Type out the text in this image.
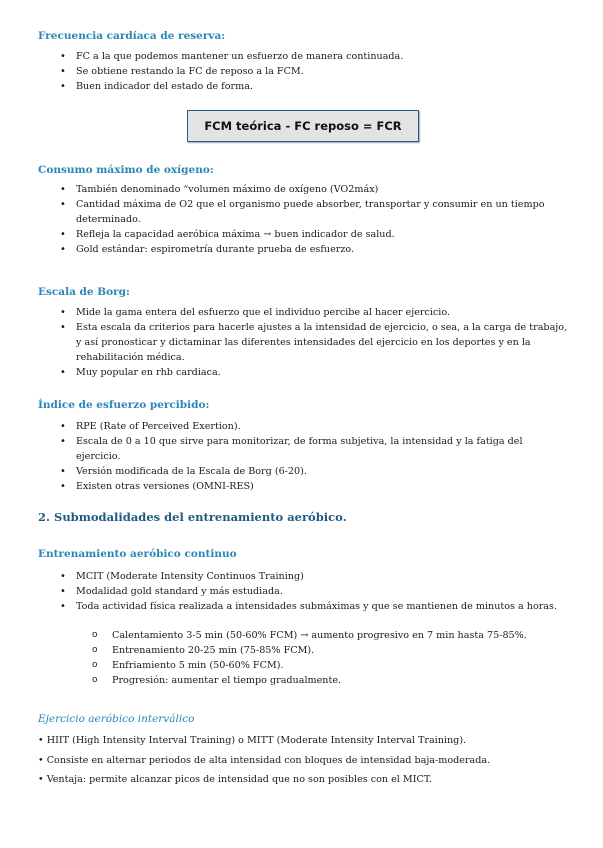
Frecuencia cardíaca de reserva:
• FC a la que podemos mantener un esfuerzo de manera continuada.
• Se obtiene restando la FC de reposo a la FCM.
• Buen indicador del estado de forma.
FCM teórica - FC reposo = FCR
Consumo máximo de oxígeno:
• También denominado “volumen máximo de oxígeno (VO2máx)
• Cantidad máxima de O2 que el organismo puede absorber, transportar y consumir en un tiempo determinado.
• Refleja la capacidad aeróbica máxima → buen indicador de salud.
• Gold estándar: espirometría durante prueba de esfuerzo.
Escala de Borg:
• Mide la gama entera del esfuerzo que el individuo percibe al hacer ejercicio.
• Esta escala da criterios para hacerle ajustes a la intensidad de ejercicio, o sea, a la carga de trabajo, y así pronosticar y dictaminar las diferentes intensidades del ejercicio en los deportes y en la rehabilitación médica.
• Muy popular en rhb cardiaca.
Índice de esfuerzo percibido:
• RPE (Rate of Perceived Exertion).
• Escala de 0 a 10 que sirve para monitorizar, de forma subjetiva, la intensidad y la fatiga del ejercicio.
• Versión modificada de la Escala de Borg (6-20).
• Existen otras versiones (OMNI-RES)
2. Submodalidades del entrenamiento aeróbico.
Entrenamiento aeróbico continuo
• MCIT (Moderate Intensity Continuos Training)
• Modalidad gold standard y más estudiada.
• Toda actividad física realizada a intensidades submáximas y que se mantienen de minutos a horas.
o Calentamiento 3-5 min (50-60% FCM) → aumento progresivo en 7 min hasta 75-85%.
o Entrenamiento 20-25 min (75-85% FCM).
o Enfriamiento 5 min (50-60% FCM).
o Progresión: aumentar el tiempo gradualmente.
Ejercicio aeróbico interválico
• HIIT (High Intensity Interval Training) o MITT (Moderate Intensity Interval Training).
• Consiste en alternar periodos de alta intensidad con bloques de intensidad baja-moderada.
• Ventaja: permite alcanzar picos de intensidad que no son posibles con el MICT.
